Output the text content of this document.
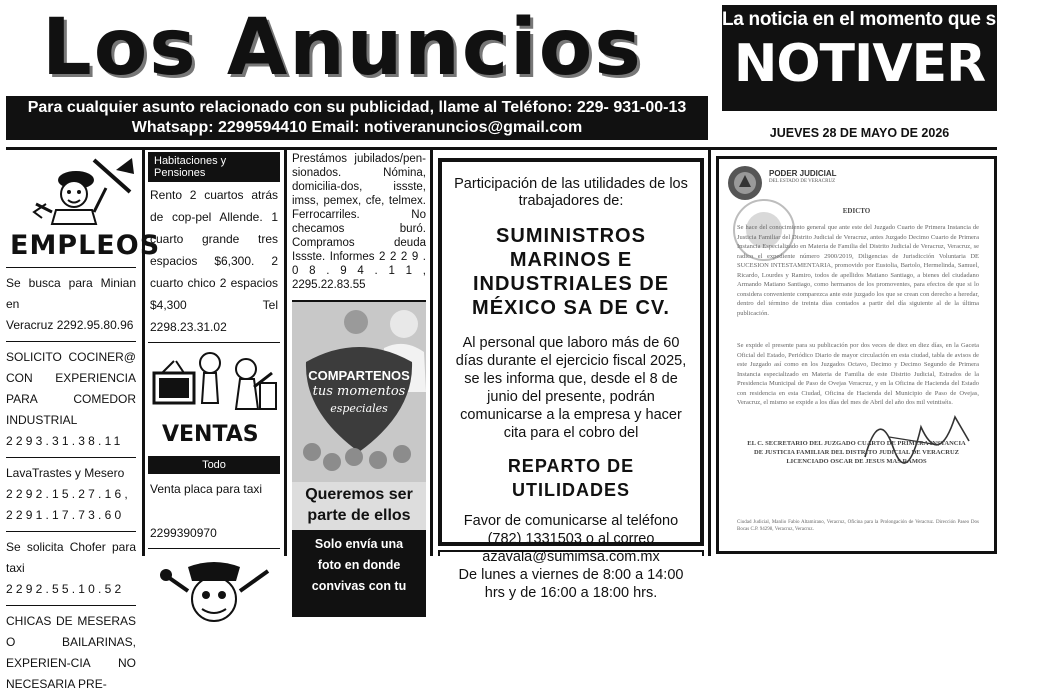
Los Anuncios
Para cualquier asunto relacionado con su publicidad, llame al Teléfono: 229- 931-00-13
Whatsapp: 2299594410 Email: notiveranuncios@gmail.com
La noticia en el momento que sucede
NOTIVER
JUEVES 28 DE MAYO DE 2026
EMPLEOS

Se busca para Minian en
Veracruz 2292.95.80.96

SOLICITO COCINER@ CON EXPERIENCIA PARA COMEDOR INDUSTRIAL
2293.31.38.11

LavaTrastes y Mesero
2292.15.27.16,
2291.17.73.60

Se solicita Chofer para taxi
2292.55.10.52

CHICAS DE MESERAS O BAILARINAS, EXPERIEN-CIA NO NECESARIA PRE-

Habitaciones y Pensiones
Rento 2 cuartos atrás de cop-pel Allende. 1 cuarto grande tres espacios $6,300. 2 cuarto chico 2 espacios $4,300 Tel 2298.23.31.02
VENTAS
Todo
Venta placa para taxi

2299390970
Prestámos jubilados/pen-sionados. Nómina, domicilia-dos, issste, imss, pemex, cfe, telmex. Ferrocarriles. No checamos buró. Compramos deuda Issste. Informes 2 2 2 9 . 0 8 . 9 4 . 1 1 , 2295.22.83.55
COMPARTENOS
tus momentos
especiales
Queremos ser
parte de ellos
Solo envía una
foto en donde
convivas con tu
Participación de las utilidades de los trabajadores de:
SUMINISTROS MARINOS E INDUSTRIALES DE MÉXICO SA DE CV.
Al personal que laboro más de 60 días durante el ejercicio fiscal 2025, se les informa que, desde el 8 de junio del presente, podrán comunicarse a la empresa y hacer cita para el cobro del
REPARTO DE UTILIDADES
Favor de comunicarse al teléfono (782) 1331503 o al correo
azavala@sumimsa.com.mx
De lunes a viernes de 8:00 a 14:00 hrs y de 16:00 a 18:00 hrs.
PODER JUDICIAL
DEL ESTADO DE VERACRUZ
EDICTO
Se hace del conocimiento general que ante este del Juzgado Cuarto de Primera Instancia de Justicia Familiar del Distrito Judicial de Veracruz, antes Juzgado Decimo Cuarto de Primera Instancia Especializado en Materia de Familia del Distrito Judicial de Veracruz, Veracruz, se radico el expediente número 2900/2019, Diligencias de Jurisdicción Voluntaria DE SUCESION INTESTAMENTARIA, promovido por Eustolia, Bartolo, Hermelinda, Samuel, Ricardo, Lourdes y Ramiro, todos de apellidos Matiano Santiago, a bienes del ciudadano Armando Matiano Santiago, como hermanos de los promoventes, para efectos de que si lo considera conveniente comparezca ante este juzgado los que se crean con derecho a heredar, dentro del término de treinta días contados a partir del día siguiente al de la última publicación.
Se expide el presente para su publicación por dos veces de diez en diez días, en la Gaceta Oficial del Estado, Periódico Diario de mayor circulación en esta ciudad, tabla de avisos de este Juzgado así como en los Juzgados Octavo, Decimo y Decimo Segundo de Primera Instancia especializado en Materia de Familia de este Distrito Judicial, Estrados de la Presidencia Municipal de Paso de Ovejas Veracruz, y en la Oficina de Hacienda del Estado con residencia en esta Ciudad, Oficina de Hacienda del Municipio de Paso de Ovejas, Veracruz, el mismo se expide a los días del mes de Abril del año dos mil veintiséis.
EL C. SECRETARIO DEL JUZGADO CUARTO DE PRIMERA INSTANCIA
DE JUSTICIA FAMILIAR DEL DISTRITO JUDICIAL DE VERACRUZ
LICENCIADO OSCAR DE JESUS MAS RAMOS
Ciudad Judicial, Manlio Fabio Altamirano, Veracruz, Oficina para la Prolongación de Veracruz. Dirección Paseo Dos Bocas C.P. 94298, Veracruz, Veracruz.
